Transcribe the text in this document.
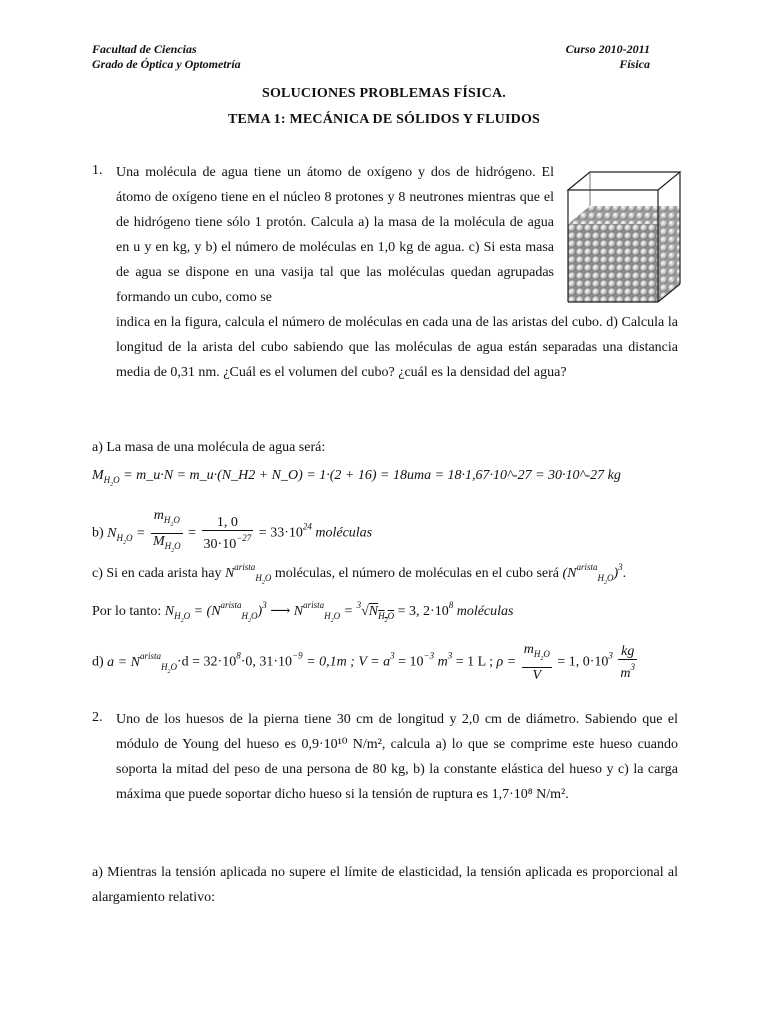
Facultad de Ciencias
Grado de Óptica y Optometría
Curso 2010-2011
Física
SOLUCIONES PROBLEMAS FÍSICA.
TEMA 1: MECÁNICA DE SÓLIDOS Y FLUIDOS
1. Una molécula de agua tiene un átomo de oxígeno y dos de hidrógeno. El átomo de oxígeno tiene en el núcleo 8 protones y 8 neutrones mientras que el de hidrógeno tiene sólo 1 protón. Calcula a) la masa de la molécula de agua en u y en kg, y b) el número de moléculas en 1,0 kg de agua. c) Si esta masa de agua se dispone en una vasija tal que las moléculas quedan agrupadas formando un cubo, como se
indica en la figura, calcula el número de moléculas en cada una de las aristas del cubo. d) Calcula la longitud de la arista del cubo sabiendo que las moléculas de agua están separadas una distancia media de 0,31 nm. ¿Cuál es el volumen del cubo? ¿cuál es la densidad del agua?
a) La masa de una molécula de agua será:
$M_{H_2O}$ = m_u·N = m_u·(N_H2 + N_O) = 1·(2 + 16) = 18uma = 18·1,67·10^-27 = 30·10^-27 kg
b) $N_{H_2O} = \frac{m_{H_2O}}{M_{H_2O}} = \frac{1, 0}{30\cdot 10^{-27}} = 33\cdot 10^{24}$ moléculas
c) Si en cada arista hay $N^{arista}_{H_2O}$ moléculas, el número de moléculas en el cubo será $(N^{arista}_{H_2O})^3$.
Por lo tanto: $N_{H_2O} = (N^{arista}_{H_2O})^3$ ⟶ $N^{arista}_{H_2O} = ^3√N_{H_2O} = 3$, $2\cdot 10^8$ moléculas
d) $a = N^{arista}_{H_2O}\cdot d = 32\cdot 10^8\cdot 0$, $31\cdot 10^{-9} = 0,1m$ ; $V = a^3 = 10^{-3}$ $m^3 = 1$ L ; $\rho = \frac{m_{H_2O}}{V} = 1$, $0\cdot 10^3 \frac{kg}{m^3}$
2. Uno de los huesos de la pierna tiene 30 cm de longitud y 2,0 cm de diámetro. Sabiendo que el módulo de Young del hueso es 0,9·10¹⁰ N/m², calcula a) lo que se comprime este hueso cuando soporta la mitad del peso de una persona de 80 kg, b) la constante elástica del hueso y c) la carga máxima que puede soportar dicho hueso si la tensión de ruptura es 1,7·10⁸ N/m².
a) Mientras la tensión aplicada no supere el límite de elasticidad, la tensión aplicada es proporcional al alargamiento relativo:
